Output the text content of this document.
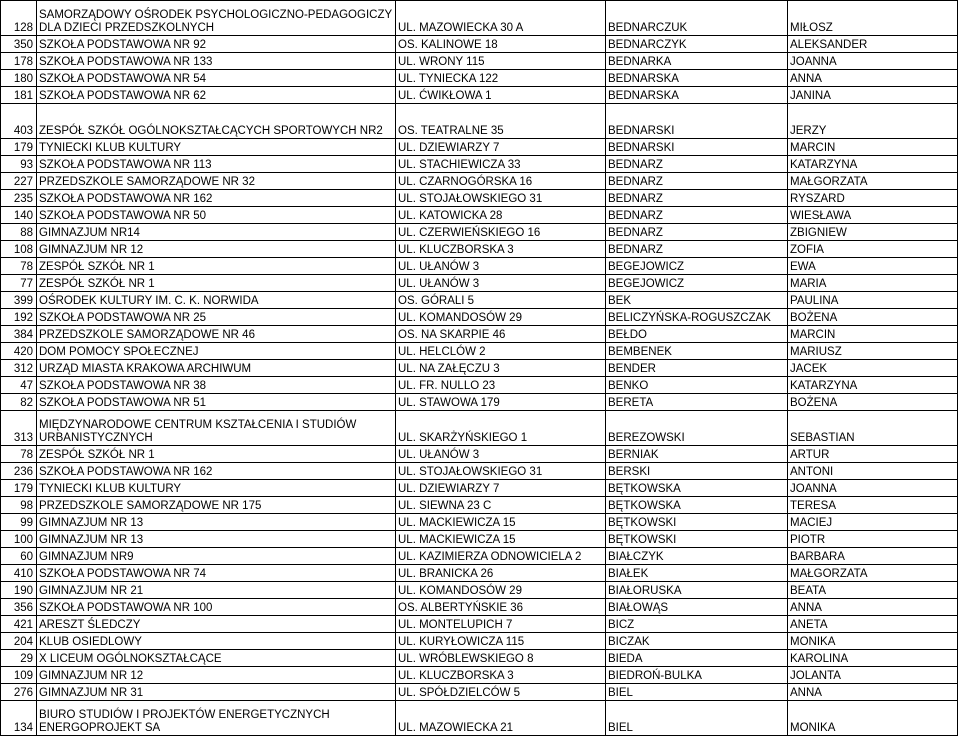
128	SAMORZĄDOWY OŚRODEK PSYCHOLOGICZNO-PEDAGOGICZY DLA DZIECI PRZEDSZKOLNYCH	UL. MAZOWIECKA 30 A	BEDNARCZUK	MIŁOSZ
350	SZKOŁA PODSTAWOWA NR 92	OS. KALINOWE 18	BEDNARCZYK	ALEKSANDER
178	SZKOŁA PODSTAWOWA NR 133	UL. WRONY 115	BEDNARKA	JOANNA
180	SZKOŁA PODSTAWOWA NR 54	UL. TYNIECKA 122	BEDNARSKA	ANNA
181	SZKOŁA PODSTAWOWA NR 62	UL. ĆWIKŁOWA 1	BEDNARSKA	JANINA
403	ZESPÓŁ SZKÓŁ OGÓLNOKSZTAŁCĄCYCH SPORTOWYCH NR2	OS. TEATRALNE 35	BEDNARSKI	JERZY
179	TYNIECKI KLUB KULTURY	UL. DZIEWIARZY 7	BEDNARSKI	MARCIN
93	SZKOŁA PODSTAWOWA NR 113	UL. STACHIEWICZA 33	BEDNARZ	KATARZYNA
227	PRZEDSZKOLE SAMORZĄDOWE NR 32	UL. CZARNOGÓRSKA 16	BEDNARZ	MAŁGORZATA
235	SZKOŁA PODSTAWOWA NR 162	UL. STOJAŁOWSKIEGO 31	BEDNARZ	RYSZARD
140	SZKOŁA PODSTAWOWA NR 50	UL. KATOWICKA 28	BEDNARZ	WIESŁAWA
88	GIMNAZJUM NR14	UL. CZERWIEŃSKIEGO 16	BEDNARZ	ZBIGNIEW
108	GIMNAZJUM NR 12	UL. KLUCZBORSKA 3	BEDNARZ	ZOFIA
78	ZESPÓŁ SZKÓŁ NR 1	UL. UŁANÓW 3	BEGEJOWICZ	EWA
77	ZESPÓŁ SZKÓŁ NR 1	UL. UŁANÓW 3	BEGEJOWICZ	MARIA
399	OŚRODEK KULTURY IM. C. K. NORWIDA	OS. GÓRALI 5	BEK	PAULINA
192	SZKOŁA PODSTAWOWA NR 25	UL. KOMANDOSÓW 29	BELICZYŃSKA-ROGUSZCZAK	BOŻENA
384	PRZEDSZKOLE SAMORZĄDOWE NR 46	OS. NA SKARPIE 46	BEŁDO	MARCIN
420	DOM POMOCY SPOŁECZNEJ	UL. HELCLÓW 2	BEMBENEK	MARIUSZ
312	URZĄD MIASTA KRAKOWA ARCHIWUM	UL. NA ZAŁĘCZU 3	BENDER	JACEK
47	SZKOŁA PODSTAWOWA NR 38	UL. FR. NULLO 23	BENKO	KATARZYNA
82	SZKOŁA PODSTAWOWA NR 51	UL. STAWOWA 179	BERETA	BOŻENA
313	MIĘDZYNARODOWE CENTRUM KSZTAŁCENIA I STUDIÓW URBANISTYCZNYCH	UL. SKARŻYŃSKIEGO 1	BEREZOWSKI	SEBASTIAN
78	ZESPÓŁ SZKÓŁ NR 1	UL. UŁANÓW 3	BERNIAK	ARTUR
236	SZKOŁA PODSTAWOWA NR 162	UL. STOJAŁOWSKIEGO 31	BERSKI	ANTONI
179	TYNIECKI KLUB KULTURY	UL. DZIEWIARZY 7	BĘTKOWSKA	JOANNA
98	PRZEDSZKOLE SAMORZĄDOWE NR 175	UL. SIEWNA 23 C	BĘTKOWSKA	TERESA
99	GIMNAZJUM NR 13	UL. MACKIEWICZA 15	BĘTKOWSKI	MACIEJ
100	GIMNAZJUM NR 13	UL. MACKIEWICZA 15	BĘTKOWSKI	PIOTR
60	GIMNAZJUM NR9	UL. KAZIMIERZA ODNOWICIELA 2	BIAŁCZYK	BARBARA
410	SZKOŁA PODSTAWOWA NR 74	UL. BRANICKA 26	BIAŁEK	MAŁGORZATA
190	GIMNAZJUM NR 21	UL. KOMANDOSÓW 29	BIAŁORUSKA	BEATA
356	SZKOŁA PODSTAWOWA NR 100	OS. ALBERTYŃSKIE 36	BIAŁOWĄS	ANNA
421	ARESZT ŚLEDCZY	UL. MONTELUPICH 7	BICZ	ANETA
204	KLUB OSIEDLOWY	UL. KURYŁOWICZA 115	BICZAK	MONIKA
29	X LICEUM OGÓLNOKSZTAŁCĄCE	UL. WRÓBLEWSKIEGO 8	BIEDA	KAROLINA
109	GIMNAZJUM NR 12	UL. KLUCZBORSKA 3	BIEDROŃ-BULKA	JOLANTA
276	GIMNAZJUM NR 31	UL. SPÓŁDZIELCÓW 5	BIEL	ANNA
134	BIURO STUDIÓW I PROJEKTÓW ENERGETYCZNYCH ENERGOPROJEKT SA	UL. MAZOWIECKA 21	BIEL	MONIKA
